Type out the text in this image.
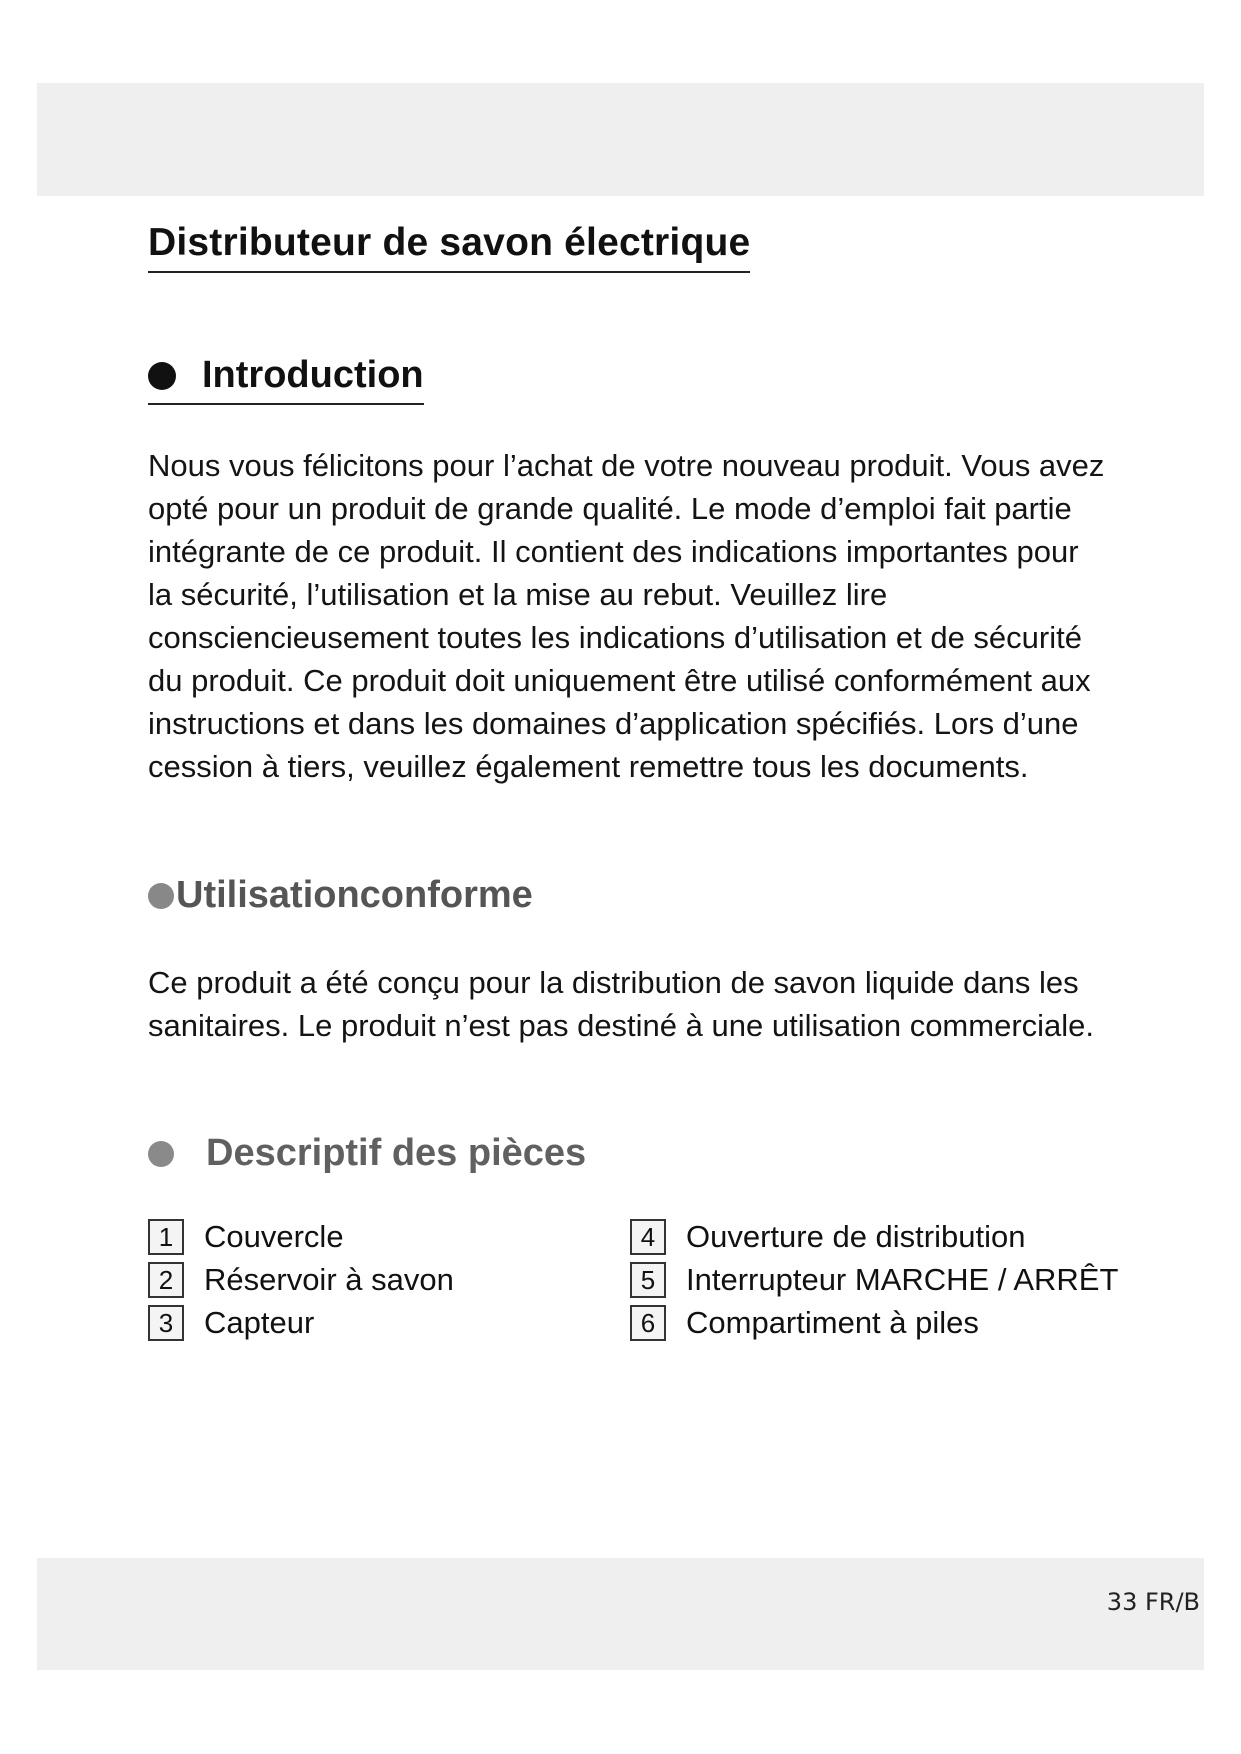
Distributeur de savon électrique
Introduction

Nous vous félicitons pour l’achat de votre nouveau produit. Vous avez opté pour un produit de grande qualité. Le mode d’emploi fait partie intégrante de ce produit. Il contient des indications importantes pour la sécurité, l’utilisation et la mise au rebut. Veuillez lire consciencieusement toutes les indications d’utilisation et de sécurité du produit. Ce produit doit uniquement être utilisé conformément aux instructions et dans les domaines d’application spécifiés. Lors d’une cession à tiers, veuillez également remettre tous les documents.

Utilisationconforme

Ce produit a été conçu pour la distribution de savon liquide dans les sanitaires. Le produit n’est pas destiné à une utilisation commerciale.

Descriptif des pièces
1 Couvercle
2 Réservoir à savon
3 Capteur
4 Ouverture de distribution
5 Interrupteur MARCHE / ARRÊT
6 Compartiment à piles
33 FR/B
